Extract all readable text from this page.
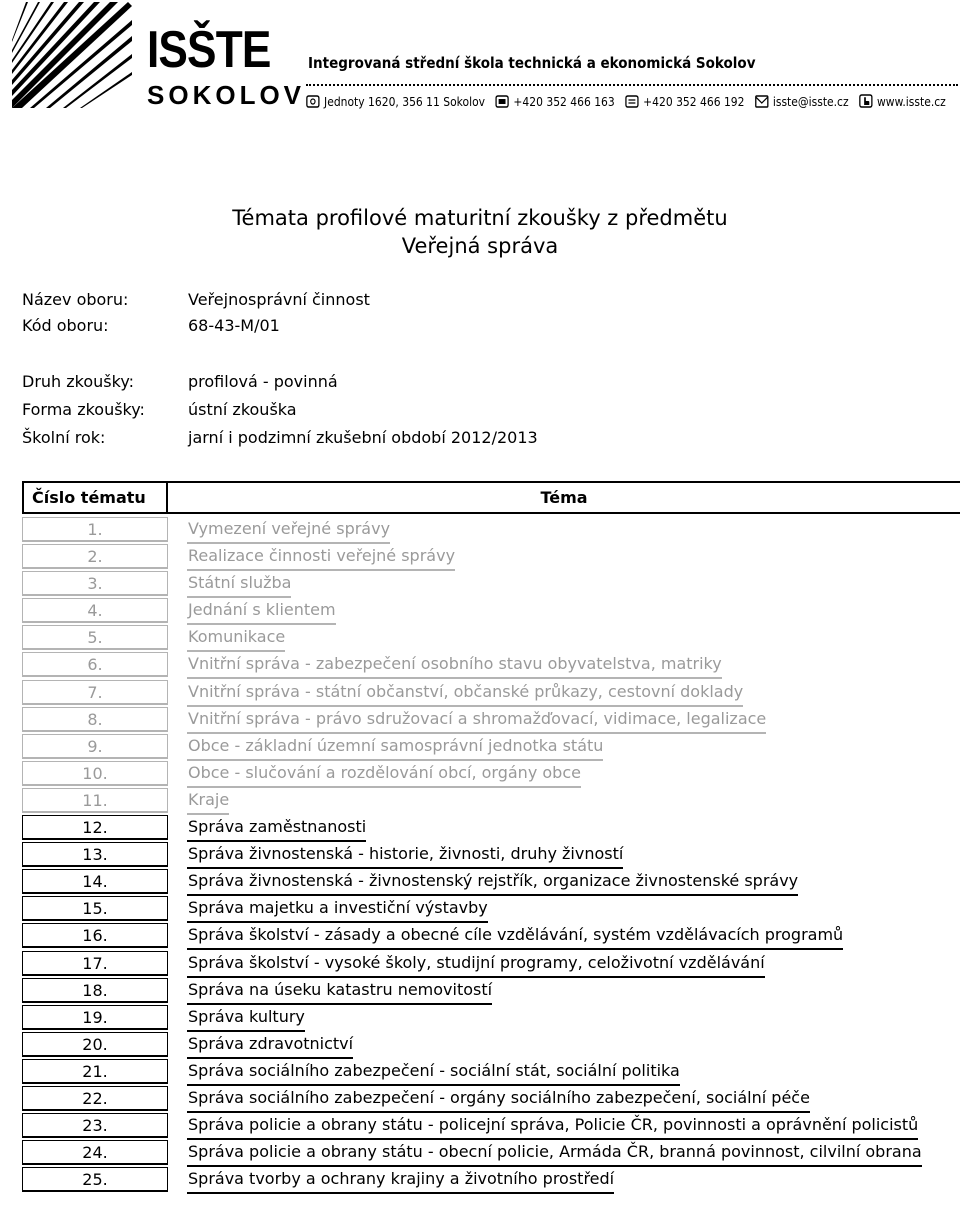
ISŠTE
SOKOLOV
Integrovaná střední škola technická a ekonomická Sokolov
Jednoty 1620, 356 11 Sokolov +420 352 466 163 +420 352 466 192 isste@isste.cz www.isste.cz
Témata profilové maturitní zkoušky z předmětu
Veřejná správa
Název oboru:	Veřejnosprávní činnost
Kód oboru:	68-43-M/01
Druh zkoušky:	profilová - povinná
Forma zkoušky:	ústní zkouška
Školní rok:	jarní i podzimní zkušební období 2012/2013
Číslo tématu	Téma
1.	Vymezení veřejné správy
2.	Realizace činnosti veřejné správy
3.	Státní služba
4.	Jednání s klientem
5.	Komunikace
6.	Vnitřní správa - zabezpečení osobního stavu obyvatelstva, matriky
7.	Vnitřní správa - státní občanství, občanské průkazy, cestovní doklady
8.	Vnitřní správa - právo sdružovací a shromažďovací, vidimace, legalizace
9.	Obce - základní územní samosprávní jednotka státu
10.	Obce - slučování a rozdělování obcí, orgány obce
11.	Kraje
12.	Správa zaměstnanosti
13.	Správa živnostenská - historie, živnosti, druhy živností
14.	Správa živnostenská - živnostenský rejstřík, organizace živnostenské správy
15.	Správa majetku a investiční výstavby
16.	Správa školství - zásady a obecné cíle vzdělávání, systém vzdělávacích programů
17.	Správa školství - vysoké školy, studijní programy, celoživotní vzdělávání
18.	Správa na úseku katastru nemovitostí
19.	Správa kultury
20.	Správa zdravotnictví
21.	Správa sociálního zabezpečení - sociální stát, sociální politika
22.	Správa sociálního zabezpečení - orgány sociálního zabezpečení, sociální péče
23.	Správa policie a obrany státu - policejní správa, Policie ČR, povinnosti a oprávnění policistů
24.	Správa policie a obrany státu - obecní policie, Armáda ČR, branná povinnost, cilvilní obrana
25.	Správa tvorby a ochrany krajiny a životního prostředí
